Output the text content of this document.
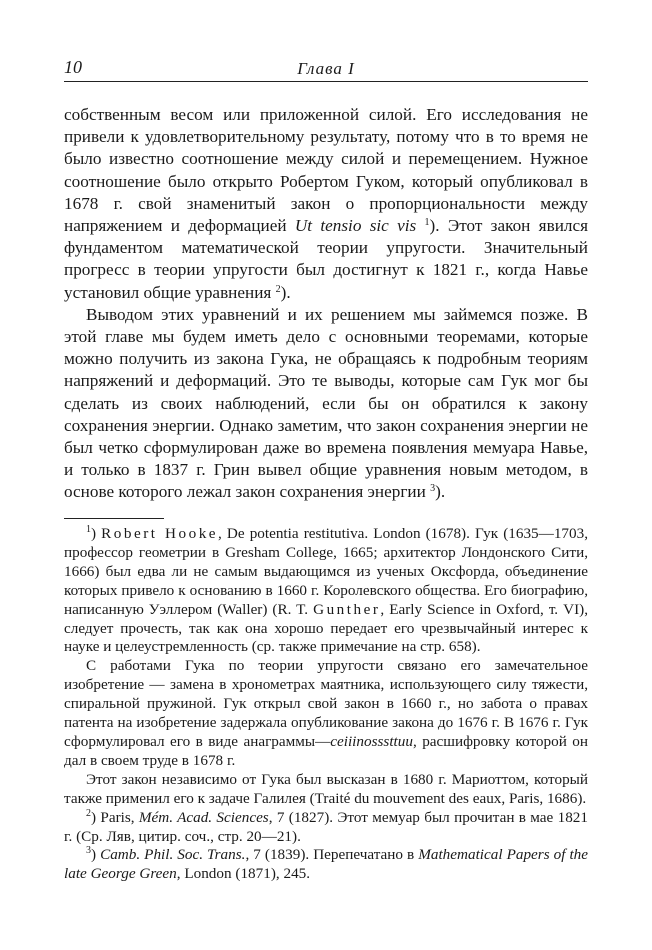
10	Глава I

собственным весом или приложенной силой. Его исследования не привели к удовлетворительному результату, потому что в то время не было известно соотношение между силой и перемещением. Нужное соотношение было открыто Робертом Гуком, который опубликовал в 1678 г. свой знаменитый закон о пропорциональности между напряжением и деформацией Ut tensio sic vis $^1$). Этот закон явился фундаментом математической теории упругости. Значительный прогресс в теории упругости был достигнут к 1821 г., когда Навье установил общие уравнения $^2$).

Выводом этих уравнений и их решением мы займемся позже. В этой главе мы будем иметь дело с основными теоремами, которые можно получить из закона Гука, не обращаясь к подробным теориям напряжений и деформаций. Это те выводы, которые сам Гук мог бы сделать из своих наблюдений, если бы он обратился к закону сохранения энергии. Однако заметим, что закон сохранения энергии не был четко сформулирован даже во времена появления мемуара Навье, и только в 1837 г. Грин вывел общие уравнения новым методом, в основе которого лежал закон сохранения энергии $^3$).

$^1$) Robert Hooke, De potentia restitutiva. London (1678). Гук (1635—1703, профессор геометрии в Gresham College, 1665; архитектор Лондонского Сити, 1666) был едва ли не самым выдающимся из ученых Оксфорда, объединение которых привело к основанию в 1660 г. Королевского общества. Его биографию, написанную Уэллером (Waller) (R. T. Gunther, Early Science in Oxford, т. VI), следует прочесть, так как она хорошо передает его чрезвычайный интерес к науке и целеустремленность (ср. также примечание на стр. 658).

С работами Гука по теории упругости связано его замечательное изобретение — замена в хронометрах маятника, использующего силу тяжести, спиральной пружиной. Гук открыл свой закон в 1660 г., но забота о правах патента на изобретение задержала опубликование закона до 1676 г. В 1676 г. Гук сформулировал его в виде анаграммы—ceiiinosssttuu, расшифровку которой он дал в своем труде в 1678 г.

Этот закон независимо от Гука был высказан в 1680 г. Мариоттом, который также применил его к задаче Галилея (Traité du mouvement des eaux, Paris, 1686).

$^2$) Paris, Mém. Acad. Sciences, 7 (1827). Этот мемуар был прочитан в мае 1821 г. (Ср. Ляв, цитир. соч., стр. 20—21).

$^3$) Camb. Phil. Soc. Trans., 7 (1839). Перепечатано в Mathematical Papers of the late George Green, London (1871), 245.
